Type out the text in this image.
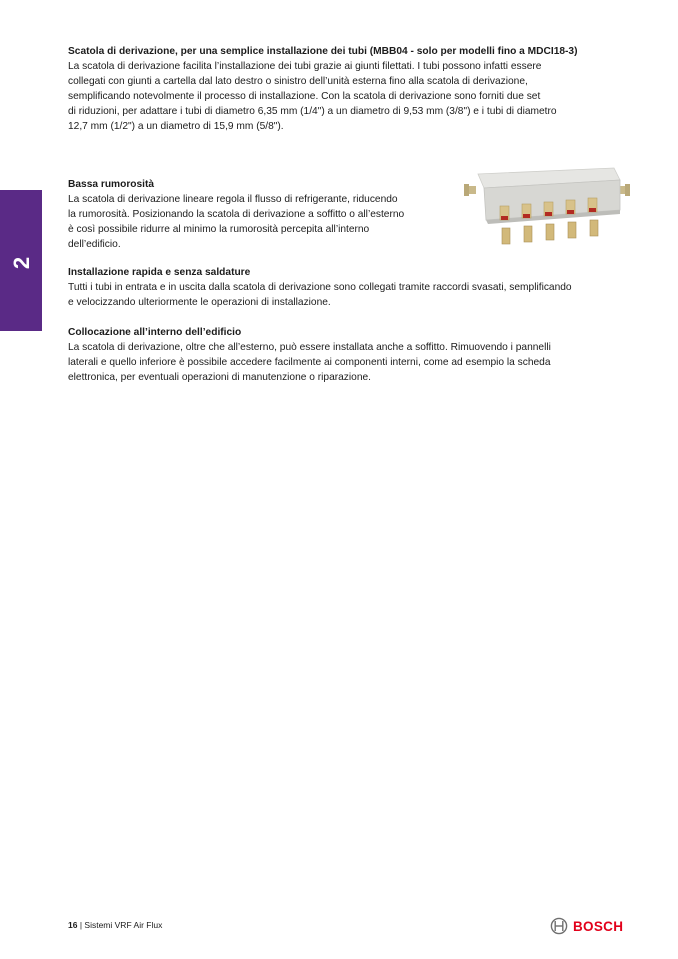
2
Scatola di derivazione, per una semplice installazione dei tubi (MBB04 - solo per modelli fino a MDCI18-3)

La scatola di derivazione facilita l’installazione dei tubi grazie ai giunti filettati. I tubi possono infatti essere

collegati con giunti a cartella dal lato destro o sinistro dell’unità esterna fino alla scatola di derivazione,

semplificando notevolmente il processo di installazione. Con la scatola di derivazione sono forniti due set

di riduzioni, per adattare i tubi di diametro 6,35 mm (1/4") a un diametro di 9,53 mm (3/8") e i tubi di diametro

12,7 mm (1/2") a un diametro di 15,9 mm (5/8").

Bassa rumorosità

La scatola di derivazione lineare regola il flusso di refrigerante, riducendo

la rumorosità. Posizionando la scatola di derivazione a soffitto o all’esterno

è così possibile ridurre al minimo la rumorosità percepita all’interno

dell’edificio.

Installazione rapida e senza saldature

Tutti i tubi in entrata e in uscita dalla scatola di derivazione sono collegati tramite raccordi svasati, semplificando

e velocizzando ulteriormente le operazioni di installazione.

Collocazione all’interno dell’edificio

La scatola di derivazione, oltre che all’esterno, può essere installata anche a soffitto. Rimuovendo i pannelli

laterali e quello inferiore è possibile accedere facilmente ai componenti interni, come ad esempio la scheda

elettronica, per eventuali operazioni di manutenzione o riparazione.

16 | Sistemi VRF Air Flux	BOSCH
